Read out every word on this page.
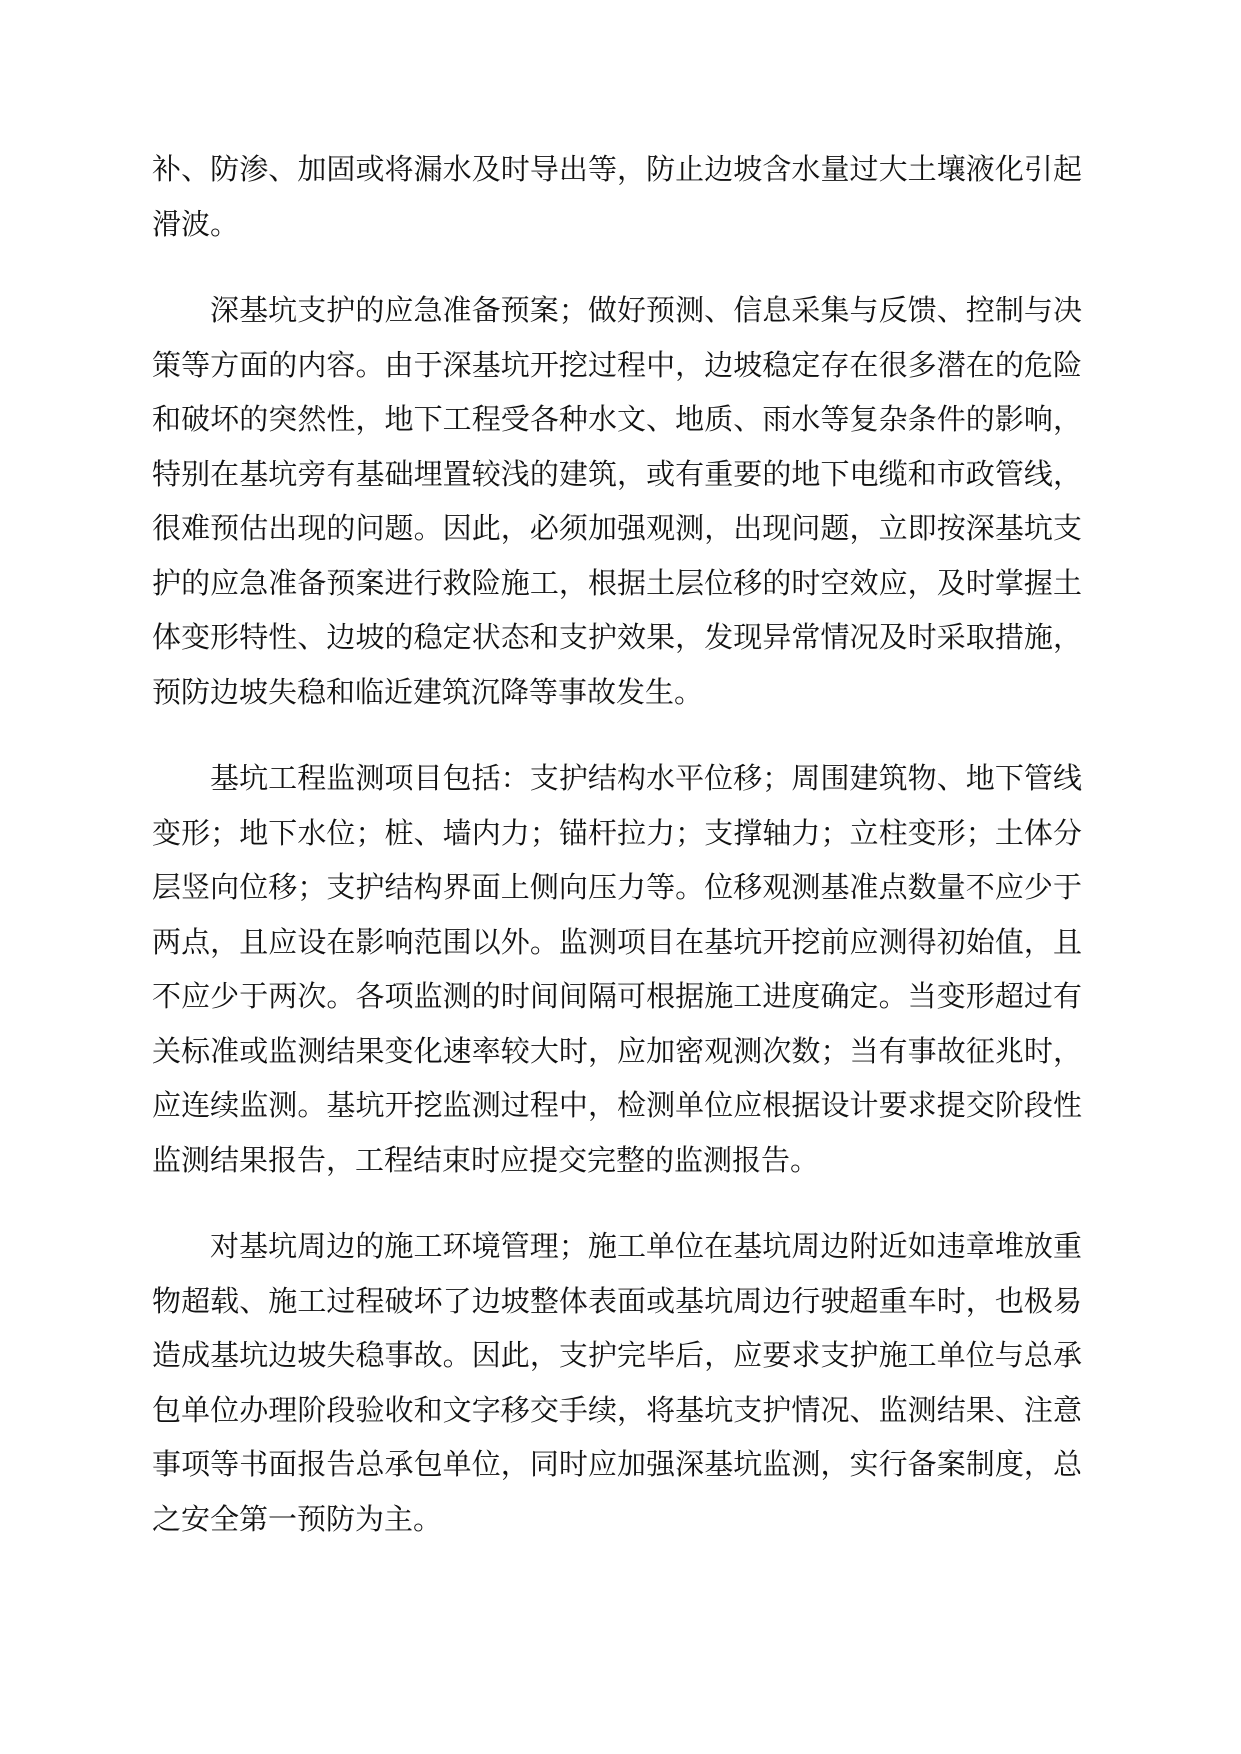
补、防渗、加固或将漏水及时导出等，防止边坡含水量过大土壤液化引起滑波。

深基坑支护的应急准备预案；做好预测、信息采集与反馈、控制与决策等方面的内容。由于深基坑开挖过程中，边坡稳定存在很多潜在的危险和破坏的突然性，地下工程受各种水文、地质、雨水等复杂条件的影响，特别在基坑旁有基础埋置较浅的建筑，或有重要的地下电缆和市政管线，很难预估出现的问题。因此，必须加强观测，出现问题，立即按深基坑支护的应急准备预案进行救险施工，根据土层位移的时空效应，及时掌握土体变形特性、边坡的稳定状态和支护效果，发现异常情况及时采取措施，预防边坡失稳和临近建筑沉降等事故发生。

基坑工程监测项目包括：支护结构水平位移；周围建筑物、地下管线变形；地下水位；桩、墙内力；锚杆拉力；支撑轴力；立柱变形；土体分层竖向位移；支护结构界面上侧向压力等。位移观测基准点数量不应少于两点，且应设在影响范围以外。监测项目在基坑开挖前应测得初始值，且不应少于两次。各项监测的时间间隔可根据施工进度确定。当变形超过有关标准或监测结果变化速率较大时，应加密观测次数；当有事故征兆时，应连续监测。基坑开挖监测过程中，检测单位应根据设计要求提交阶段性监测结果报告，工程结束时应提交完整的监测报告。

对基坑周边的施工环境管理；施工单位在基坑周边附近如违章堆放重物超载、施工过程破坏了边坡整体表面或基坑周边行驶超重车时，也极易造成基坑边坡失稳事故。因此，支护完毕后，应要求支护施工单位与总承包单位办理阶段验收和文字移交手续，将基坑支护情况、监测结果、注意事项等书面报告总承包单位，同时应加强深基坑监测，实行备案制度，总之安全第一预防为主。
